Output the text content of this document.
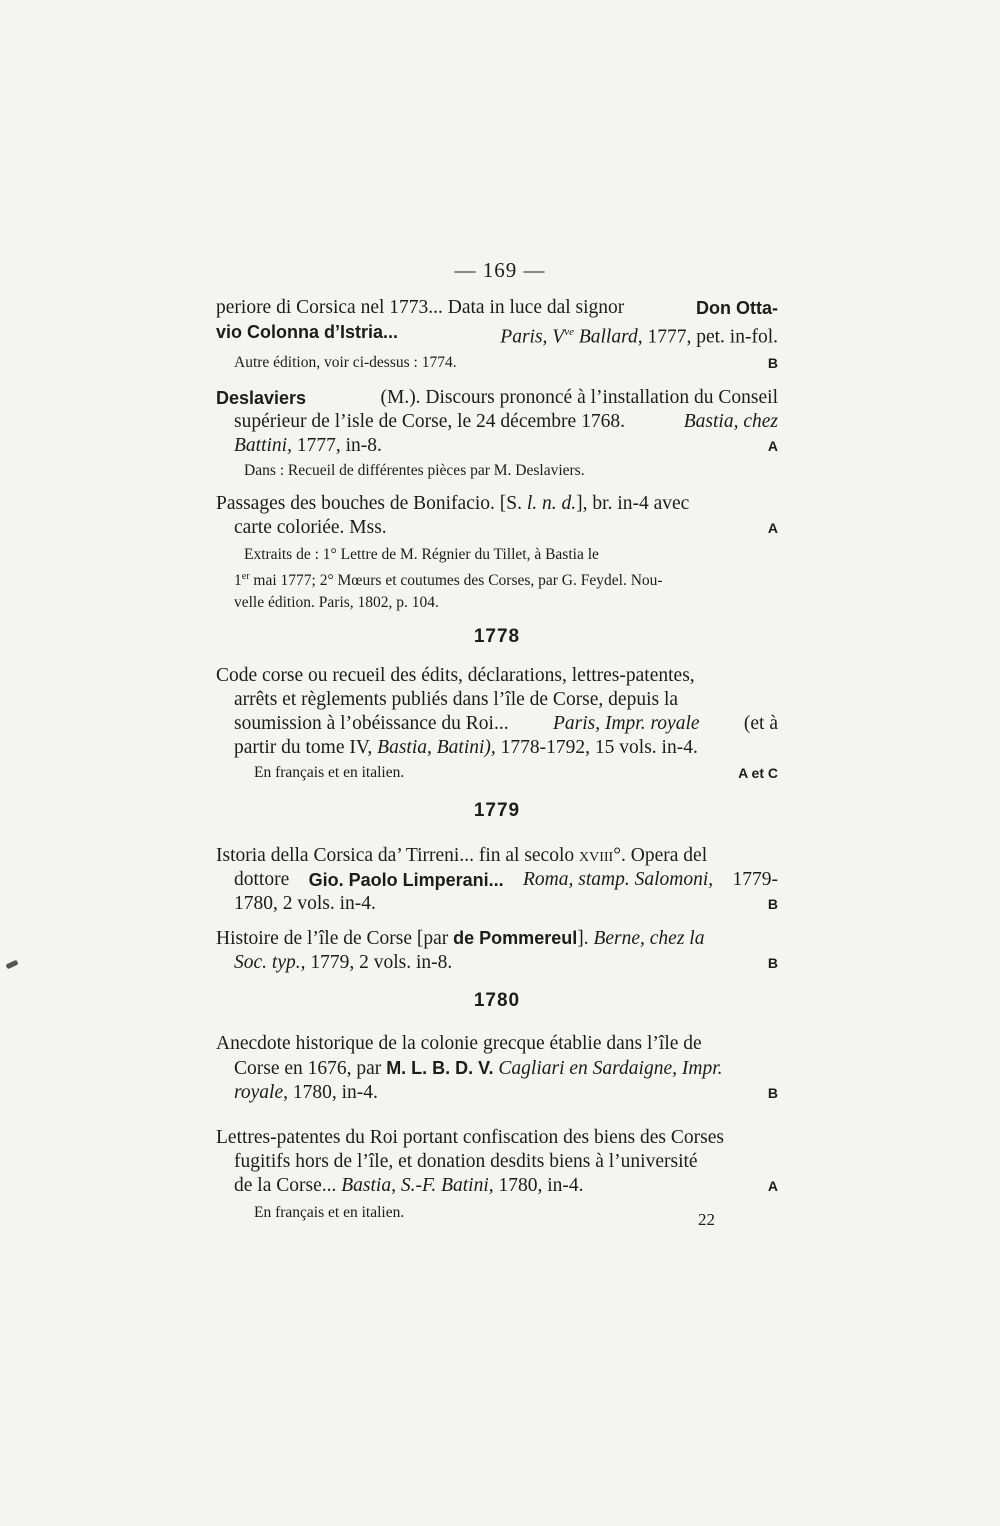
— 169 —
periore di Corsica nel 1773... Data in luce dal signor	Don Otta-
vio Colonna d’Istria...	Paris, $V^{ve}$ Ballard, 1777, pet. in-fol.
Autre édition, voir ci-dessus : 1774.	B
Deslaviers	(M.). Discours prononcé à l’installation du Conseil
supérieur de l’isle de Corse, le 24 décembre 1768.	Bastia, chez
Battini, 1777, in-8.	A
Dans : Recueil de différentes pièces par M. Deslaviers.
Passages des bouches de Bonifacio. [S. l. n. d.], br. in-4 avec
carte coloriée. Mss.	A
Extraits de : 1° Lettre de M. Régnier du Tillet, à Bastia le
1er mai 1777; 2° Mœurs et coutumes des Corses, par G. Feydel. Nou-
velle édition. Paris, 1802, p. 104.
1778
Code corse ou recueil des édits, déclarations, lettres-patentes,
arrêts et règlements publiés dans l’île de Corse, depuis la
soumission à l’obéissance du Roi... Paris, Impr. royale (et à
partir du tome IV, Bastia, Batini), 1778-1792, 15 vols. in-4.
En français et en italien.	A et C
1779
Istoria della Corsica da’ Tirreni... fin al secolo xviii°. Opera del
dottore Gio. Paolo Limperani... Roma, stamp. Salomoni, 1779-
1780, 2 vols. in-4.	B
Histoire de l’île de Corse [par de Pommereul]. Berne, chez la
Soc. typ., 1779, 2 vols. in-8.	B
1780
Anecdote historique de la colonie grecque établie dans l’île de
Corse en 1676, par M. L. B. D. V. Cagliari en Sardaigne, Impr.
royale, 1780, in-4.	B
Lettres-patentes du Roi portant confiscation des biens des Corses
fugitifs hors de l’île, et donation desdits biens à l’université
de la Corse... Bastia, S.-F. Batini, 1780, in-4.	A
En français et en italien.	22
